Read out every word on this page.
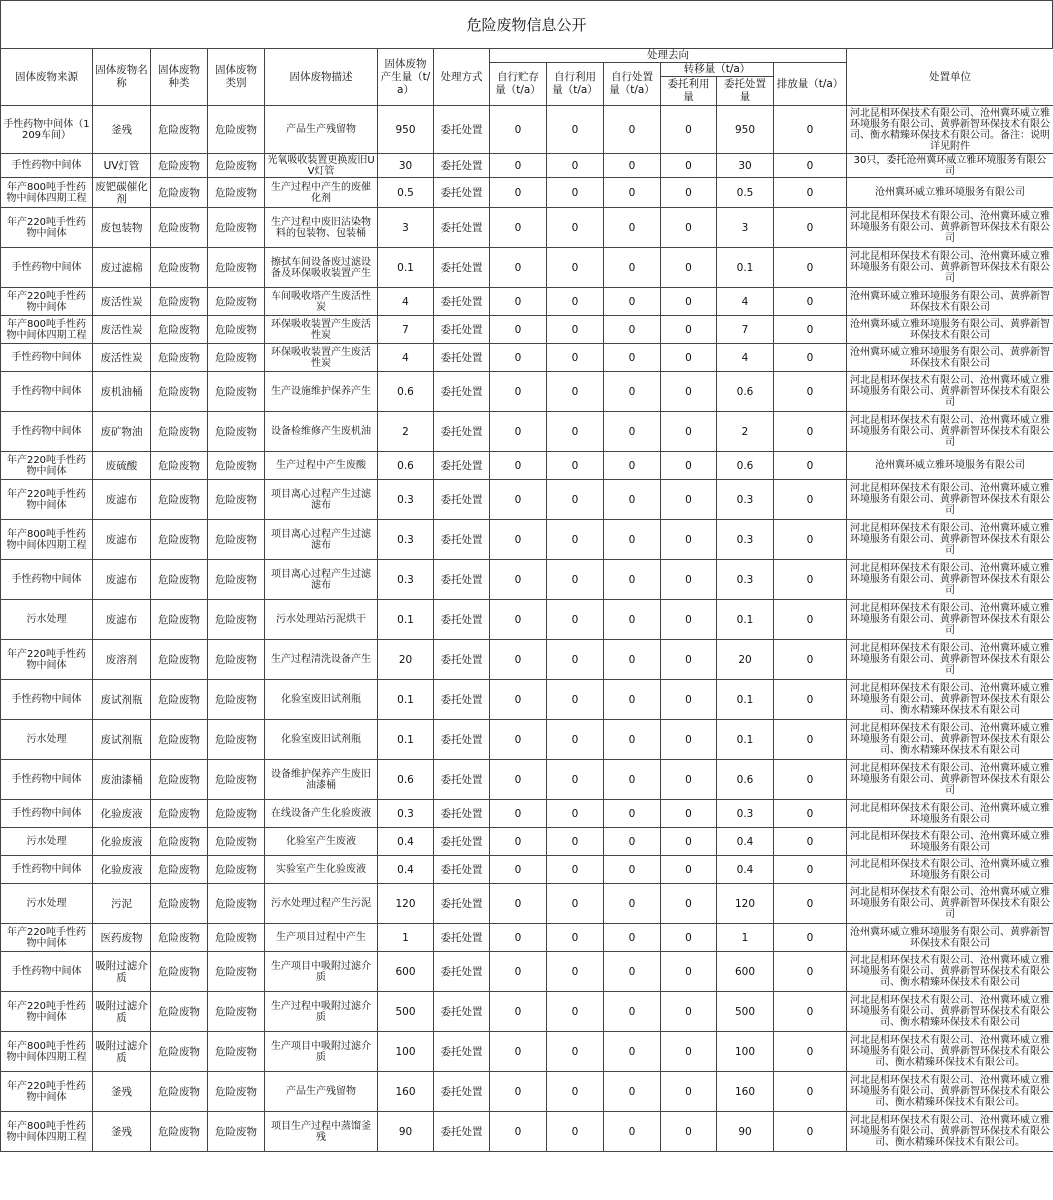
危险废物信息公开
固体废物来源	固体废物名称	固体废物种类	固体废物类别	固体废物描述	固体废物产生量（t/a）	处理方式	处理去向						处置单位
							自行贮存量（t/a）	自行利用量（t/a）	自行处置量（t/a）	转移量（t/a）		排放量（t/a）	
										委托利用量	委托处置量		
手性药物中间体（1209车间）	釜残	危险废物	危险废物	产品生产残留物	950	委托处置	0	0	0	0	950	0	河北昆相环保技术有限公司、沧州冀环威立雅环境服务有限公司、黄骅新智环保技术有限公司、衡水精臻环保技术有限公司。备注：说明详见附件
手性药物中间体	UV灯管	危险废物	危险废物	光氧吸收装置更换废旧UV灯管	30	委托处置	0	0	0	0	30	0	30只，委托沧州冀环威立雅环境服务有限公司
年产800吨手性药物中间体四期工程	废钯碳催化剂	危险废物	危险废物	生产过程中产生的废催化剂	0.5	委托处置	0	0	0	0	0.5	0	沧州冀环威立雅环境服务有限公司
年产220吨手性药物中间体	废包装物	危险废物	危险废物	生产过程中废旧沾染物料的包装物、包装桶	3	委托处置	0	0	0	0	3	0	河北昆相环保技术有限公司、沧州冀环威立雅环境服务有限公司、黄骅新智环保技术有限公司
手性药物中间体	废过滤棉	危险废物	危险废物	擦拭车间设备废过滤设备及环保吸收装置产生	0.1	委托处置	0	0	0	0	0.1	0	河北昆相环保技术有限公司、沧州冀环威立雅环境服务有限公司、黄骅新智环保技术有限公司
年产220吨手性药物中间体	废活性炭	危险废物	危险废物	车间吸收塔产生废活性炭	4	委托处置	0	0	0	0	4	0	沧州冀环威立雅环境服务有限公司、黄骅新智环保技术有限公司
年产800吨手性药物中间体四期工程	废活性炭	危险废物	危险废物	环保吸收装置产生废活性炭	7	委托处置	0	0	0	0	7	0	沧州冀环威立雅环境服务有限公司、黄骅新智环保技术有限公司
手性药物中间体	废活性炭	危险废物	危险废物	环保吸收装置产生废活性炭	4	委托处置	0	0	0	0	4	0	沧州冀环威立雅环境服务有限公司、黄骅新智环保技术有限公司
手性药物中间体	废机油桶	危险废物	危险废物	生产设施维护保养产生	0.6	委托处置	0	0	0	0	0.6	0	河北昆相环保技术有限公司、沧州冀环威立雅环境服务有限公司、黄骅新智环保技术有限公司
手性药物中间体	废矿物油	危险废物	危险废物	设备检维修产生废机油	2	委托处置	0	0	0	0	2	0	河北昆相环保技术有限公司、沧州冀环威立雅环境服务有限公司、黄骅新智环保技术有限公司
年产220吨手性药物中间体	废硫酸	危险废物	危险废物	生产过程中产生废酸	0.6	委托处置	0	0	0	0	0.6	0	沧州冀环威立雅环境服务有限公司
年产220吨手性药物中间体	废滤布	危险废物	危险废物	项目离心过程产生过滤滤布	0.3	委托处置	0	0	0	0	0.3	0	河北昆相环保技术有限公司、沧州冀环威立雅环境服务有限公司、黄骅新智环保技术有限公司
年产800吨手性药物中间体四期工程	废滤布	危险废物	危险废物	项目离心过程产生过滤滤布	0.3	委托处置	0	0	0	0	0.3	0	河北昆相环保技术有限公司、沧州冀环威立雅环境服务有限公司、黄骅新智环保技术有限公司
手性药物中间体	废滤布	危险废物	危险废物	项目离心过程产生过滤滤布	0.3	委托处置	0	0	0	0	0.3	0	河北昆相环保技术有限公司、沧州冀环威立雅环境服务有限公司、黄骅新智环保技术有限公司
污水处理	废滤布	危险废物	危险废物	污水处理站污泥烘干	0.1	委托处置	0	0	0	0	0.1	0	河北昆相环保技术有限公司、沧州冀环威立雅环境服务有限公司、黄骅新智环保技术有限公司
年产220吨手性药物中间体	废溶剂	危险废物	危险废物	生产过程清洗设备产生	20	委托处置	0	0	0	0	20	0	河北昆相环保技术有限公司、沧州冀环威立雅环境服务有限公司、黄骅新智环保技术有限公司
手性药物中间体	废试剂瓶	危险废物	危险废物	化验室废旧试剂瓶	0.1	委托处置	0	0	0	0	0.1	0	河北昆相环保技术有限公司、沧州冀环威立雅环境服务有限公司、黄骅新智环保技术有限公司、衡水精臻环保技术有限公司
污水处理	废试剂瓶	危险废物	危险废物	化验室废旧试剂瓶	0.1	委托处置	0	0	0	0	0.1	0	河北昆相环保技术有限公司、沧州冀环威立雅环境服务有限公司、黄骅新智环保技术有限公司、衡水精臻环保技术有限公司
手性药物中间体	废油漆桶	危险废物	危险废物	设备维护保养产生废旧油漆桶	0.6	委托处置	0	0	0	0	0.6	0	河北昆相环保技术有限公司、沧州冀环威立雅环境服务有限公司、黄骅新智环保技术有限公司
手性药物中间体	化验废液	危险废物	危险废物	在线设备产生化验废液	0.3	委托处置	0	0	0	0	0.3	0	河北昆相环保技术有限公司、沧州冀环威立雅环境服务有限公司
污水处理	化验废液	危险废物	危险废物	化验室产生废液	0.4	委托处置	0	0	0	0	0.4	0	河北昆相环保技术有限公司、沧州冀环威立雅环境服务有限公司
手性药物中间体	化验废液	危险废物	危险废物	实验室产生化验废液	0.4	委托处置	0	0	0	0	0.4	0	河北昆相环保技术有限公司、沧州冀环威立雅环境服务有限公司
污水处理	污泥	危险废物	危险废物	污水处理过程产生污泥	120	委托处置	0	0	0	0	120	0	河北昆相环保技术有限公司、沧州冀环威立雅环境服务有限公司、黄骅新智环保技术有限公司
年产220吨手性药物中间体	医药废物	危险废物	危险废物	生产项目过程中产生	1	委托处置	0	0	0	0	1	0	沧州冀环威立雅环境服务有限公司、黄骅新智环保技术有限公司
手性药物中间体	吸附过滤介质	危险废物	危险废物	生产项目中吸附过滤介质	600	委托处置	0	0	0	0	600	0	河北昆相环保技术有限公司、沧州冀环威立雅环境服务有限公司、黄骅新智环保技术有限公司、衡水精臻环保技术有限公司
年产220吨手性药物中间体	吸附过滤介质	危险废物	危险废物	生产过程中吸附过滤介质	500	委托处置	0	0	0	0	500	0	河北昆相环保技术有限公司、沧州冀环威立雅环境服务有限公司、黄骅新智环保技术有限公司、衡水精臻环保技术有限公司
年产800吨手性药物中间体四期工程	吸附过滤介质	危险废物	危险废物	生产项目中吸附过滤介质	100	委托处置	0	0	0	0	100	0	河北昆相环保技术有限公司、沧州冀环威立雅环境服务有限公司、黄骅新智环保技术有限公司、衡水精臻环保技术有限公司。
年产220吨手性药物中间体	釜残	危险废物	危险废物	产品生产残留物	160	委托处置	0	0	0	0	160	0	河北昆相环保技术有限公司、沧州冀环威立雅环境服务有限公司、黄骅新智环保技术有限公司、衡水精臻环保技术有限公司。
年产800吨手性药物中间体四期工程	釜残	危险废物	危险废物	项目生产过程中蒸馏釜残	90	委托处置	0	0	0	0	90	0	河北昆相环保技术有限公司、沧州冀环威立雅环境服务有限公司、黄骅新智环保技术有限公司、衡水精臻环保技术有限公司。
